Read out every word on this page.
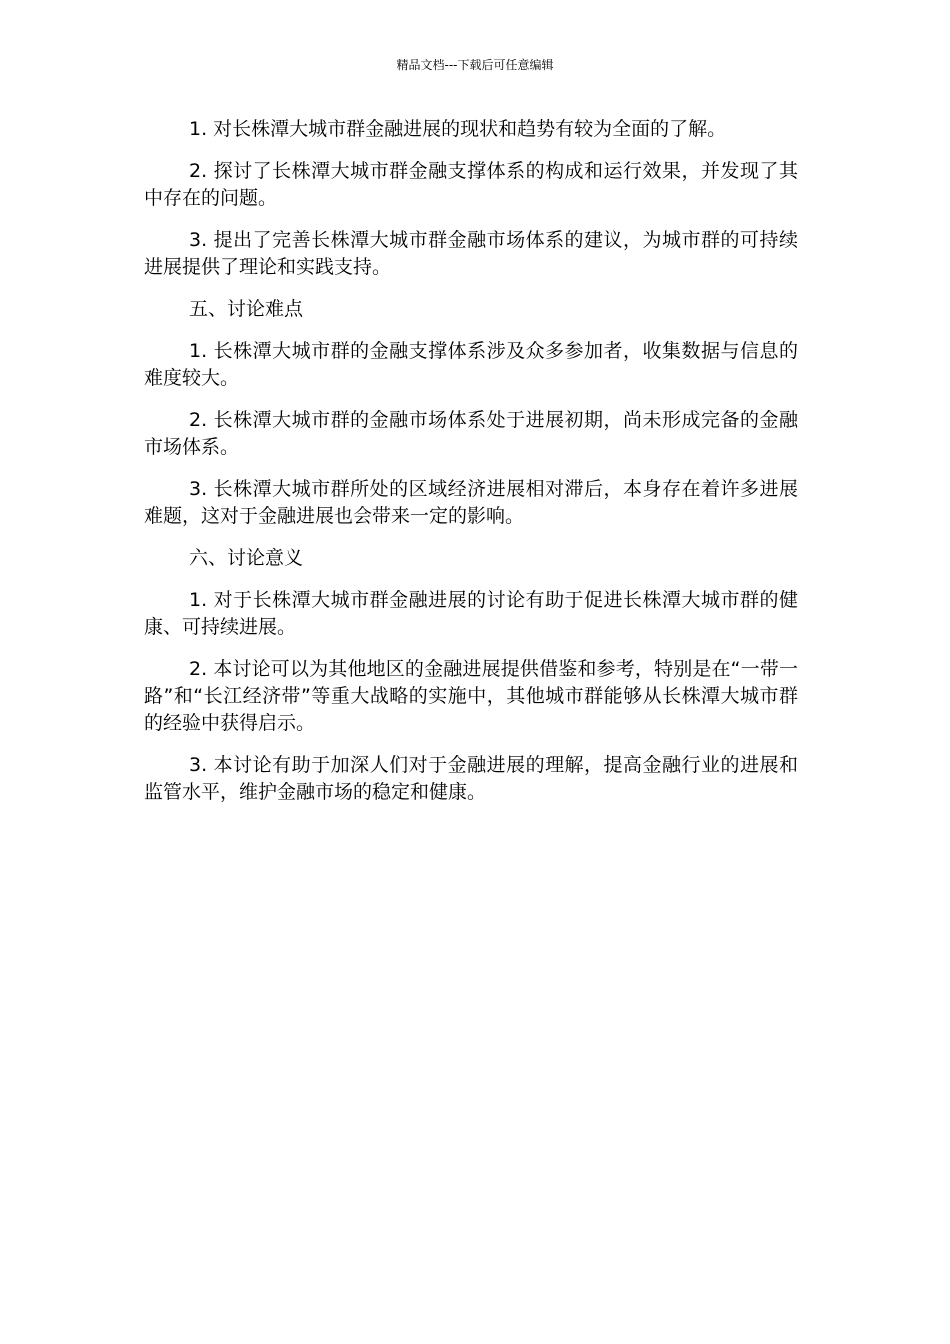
精品文档---下载后可任意编辑

1. 对长株潭大城市群金融进展的现状和趋势有较为全面的了解。

2. 探讨了长株潭大城市群金融支撑体系的构成和运行效果，并发现了其中存在的问题。

3. 提出了完善长株潭大城市群金融市场体系的建议，为城市群的可持续进展提供了理论和实践支持。

五、讨论难点

1. 长株潭大城市群的金融支撑体系涉及众多参加者，收集数据与信息的难度较大。

2. 长株潭大城市群的金融市场体系处于进展初期，尚未形成完备的金融市场体系。

3. 长株潭大城市群所处的区域经济进展相对滞后，本身存在着许多进展难题，这对于金融进展也会带来一定的影响。

六、讨论意义

1. 对于长株潭大城市群金融进展的讨论有助于促进长株潭大城市群的健康、可持续进展。

2. 本讨论可以为其他地区的金融进展提供借鉴和参考，特别是在“一带一路”和“长江经济带”等重大战略的实施中，其他城市群能够从长株潭大城市群的经验中获得启示。

3. 本讨论有助于加深人们对于金融进展的理解，提高金融行业的进展和监管水平，维护金融市场的稳定和健康。
